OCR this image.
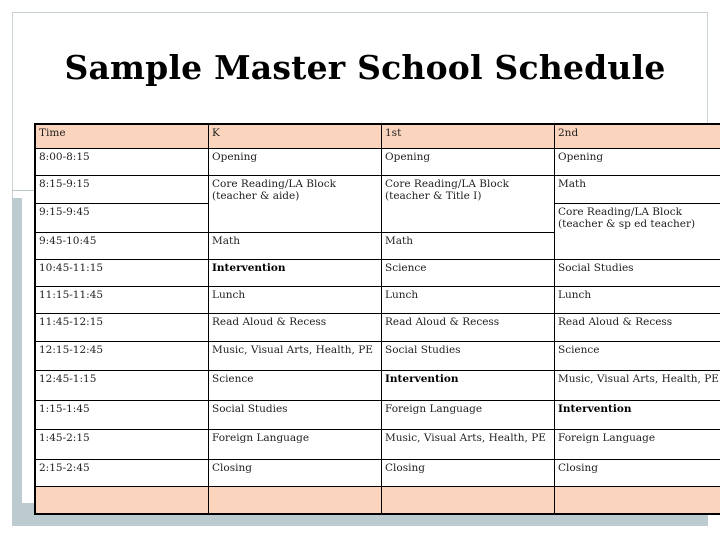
Sample Master School Schedule
Time	K	1st	2nd
8:00-8:15	Opening	Opening	Opening
8:15-9:15	Core Reading/LA Block (teacher & aide)	Core Reading/LA Block (teacher & Title I)	Math
9:15-9:45			Core Reading/LA Block (teacher & sp ed teacher)
9:45-10:45	Math	Math	
10:45-11:15	Intervention	Science	Social Studies
11:15-11:45	Lunch	Lunch	Lunch
11:45-12:15	Read Aloud & Recess	Read Aloud & Recess	Read Aloud & Recess
12:15-12:45	Music, Visual Arts, Health, PE	Social Studies	Science
12:45-1:15	Science	Intervention	Music, Visual Arts, Health, PE
1:15-1:45	Social Studies	Foreign Language	Intervention
1:45-2:15	Foreign Language	Music, Visual Arts, Health, PE	Foreign Language
2:15-2:45	Closing	Closing	Closing
